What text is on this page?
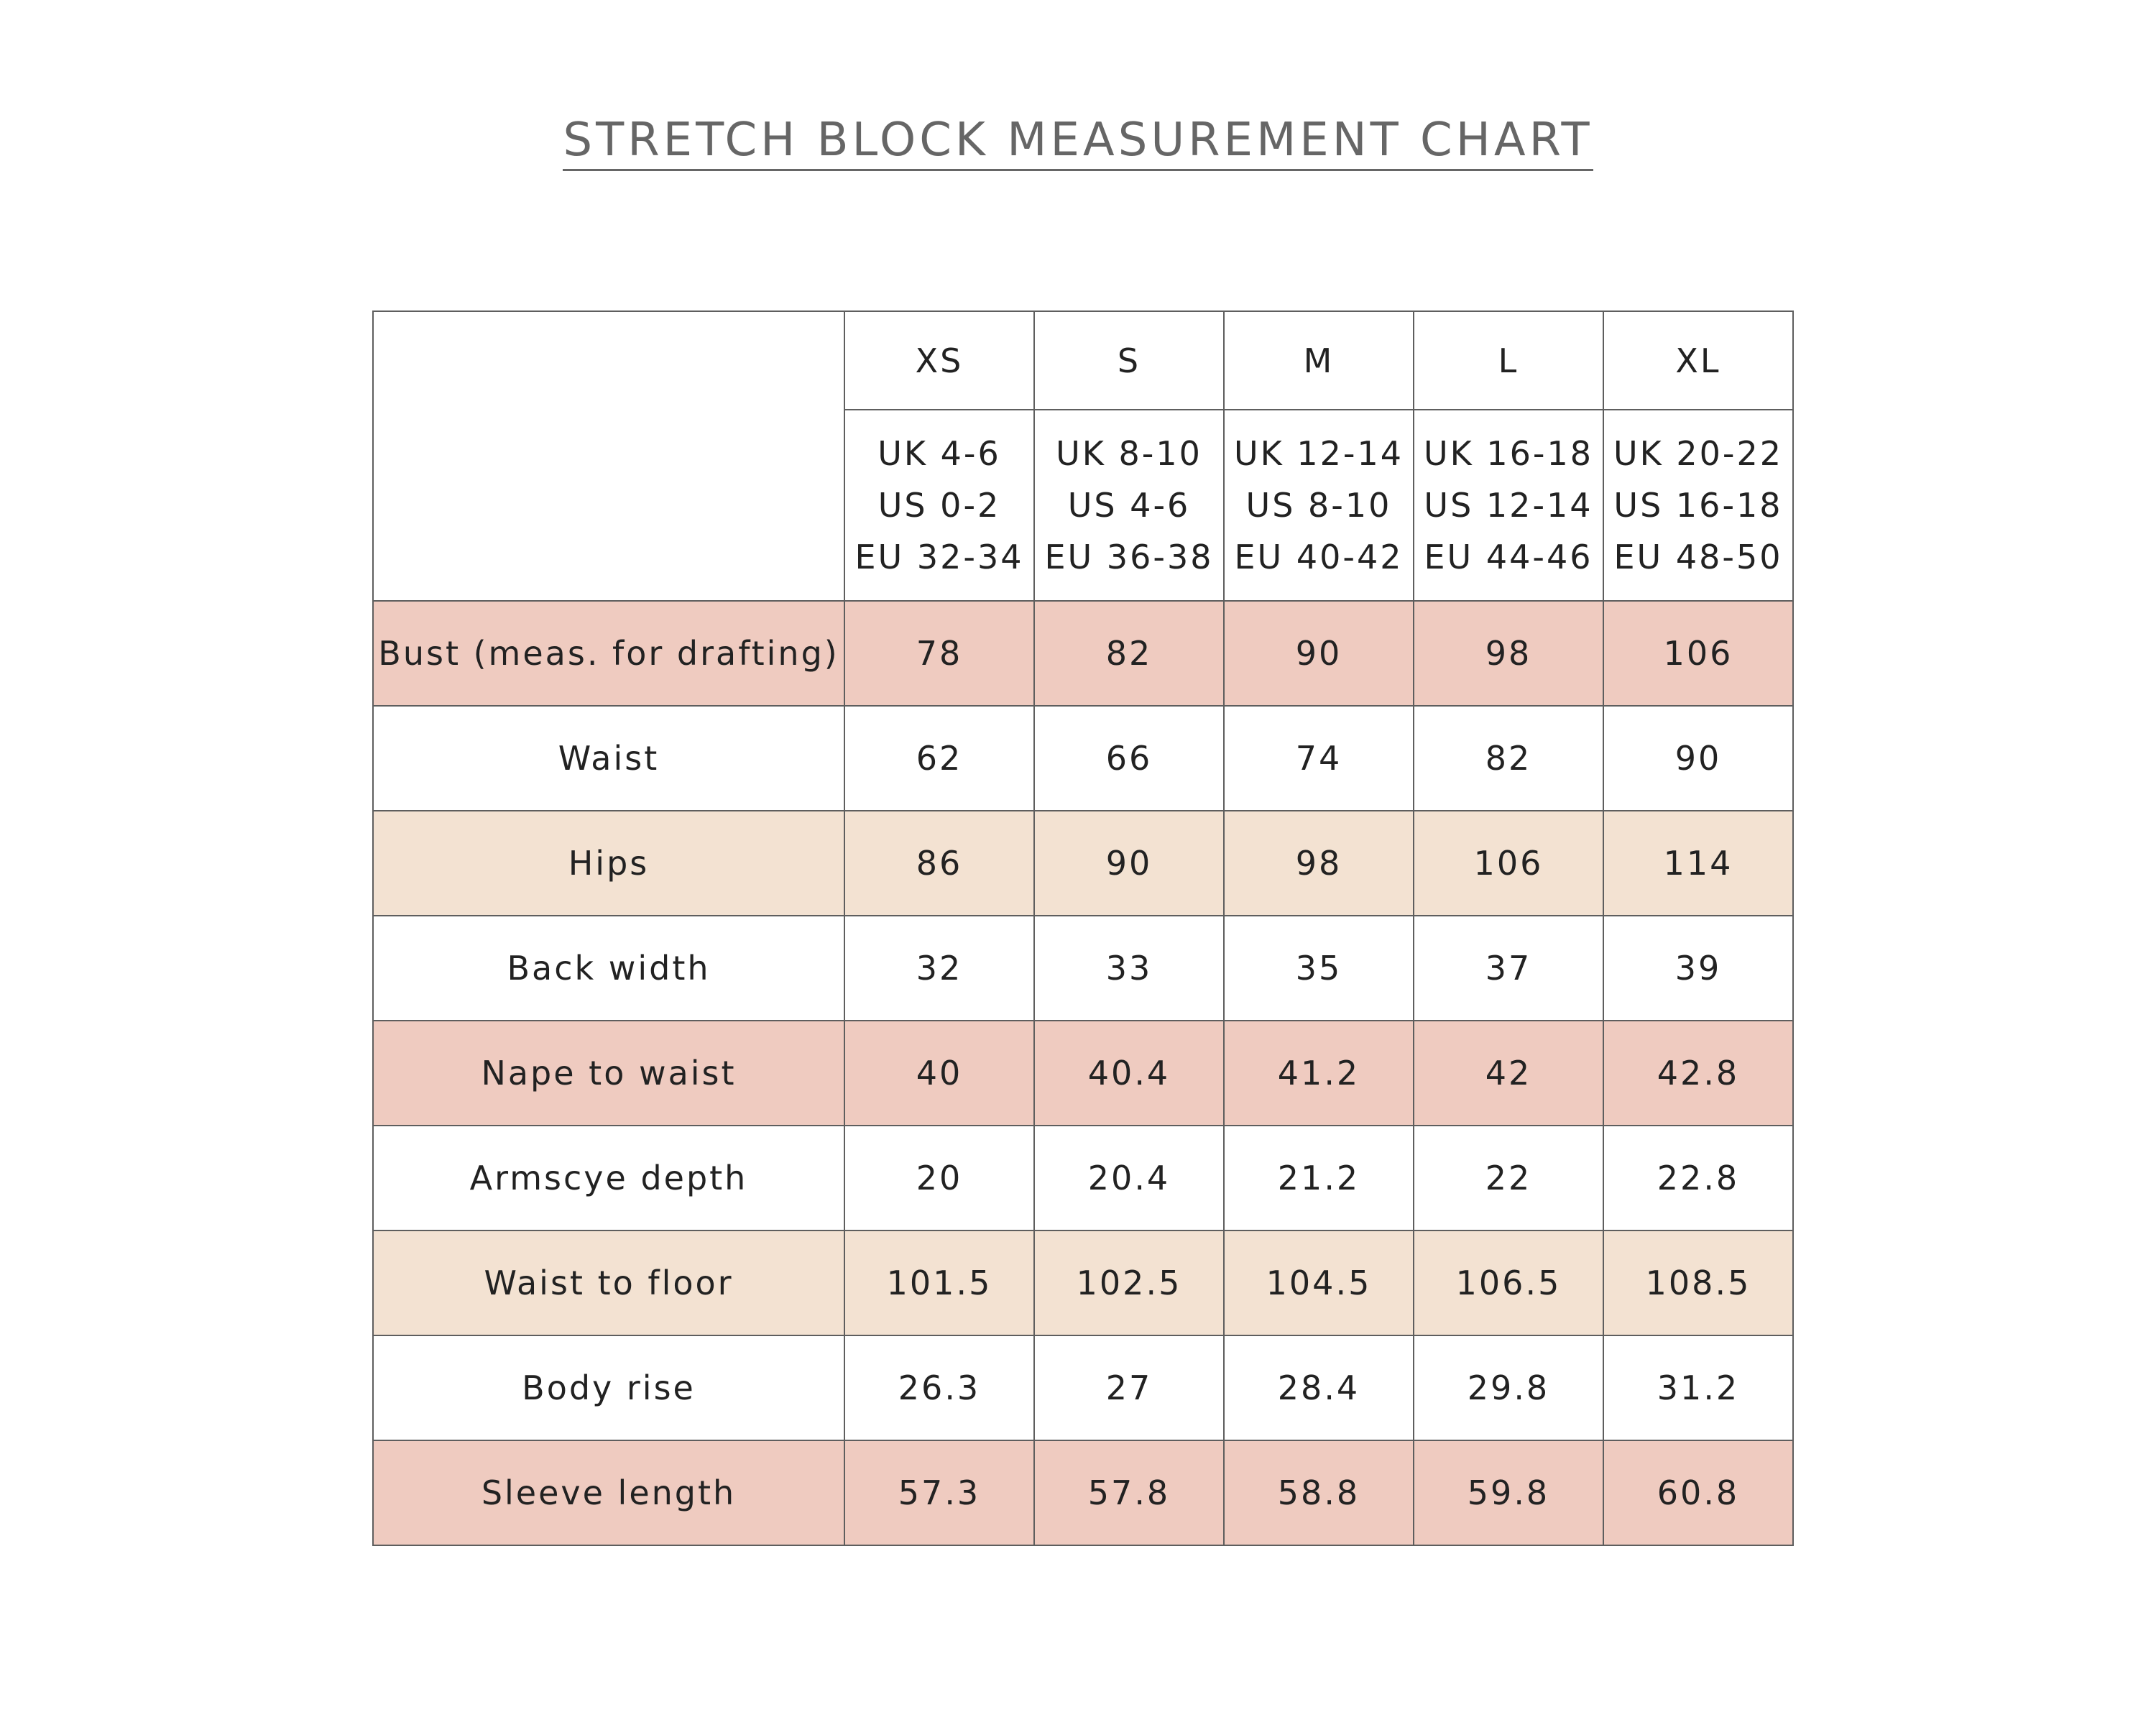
STRETCH BLOCK MEASUREMENT CHART
	XS	S	M	L	XL

	UK 4-6
US 0-2
EU 32-34	UK 8-10
US 4-6
EU 36-38	UK 12-14
US 8-10
EU 40-42	UK 16-18
US 12-14
EU 44-46	UK 20-22
US 16-18
EU 48-50

Bust (meas. for drafting)	78	82	90	98	106
Waist	62	66	74	82	90
Hips	86	90	98	106	114
Back width	32	33	35	37	39
Nape to waist	40	40.4	41.2	42	42.8
Armscye depth	20	20.4	21.2	22	22.8
Waist to floor	101.5	102.5	104.5	106.5	108.5
Body rise	26.3	27	28.4	29.8	31.2
Sleeve length	57.3	57.8	58.8	59.8	60.8
